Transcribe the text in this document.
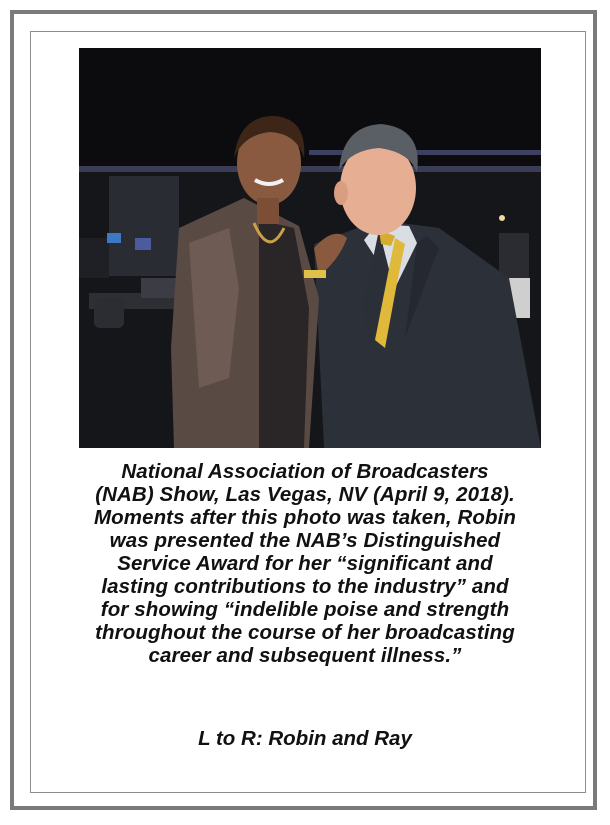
National Association of Broadcasters
(NAB) Show, Las Vegas, NV (April 9, 2018).
Moments after this photo was taken, Robin
was presented the NAB’s Distinguished
Service Award for her “significant and
lasting contributions to the industry” and
for showing “indelible poise and strength
throughout the course of her broadcasting
career and subsequent illness.”

L to R: Robin and Ray
